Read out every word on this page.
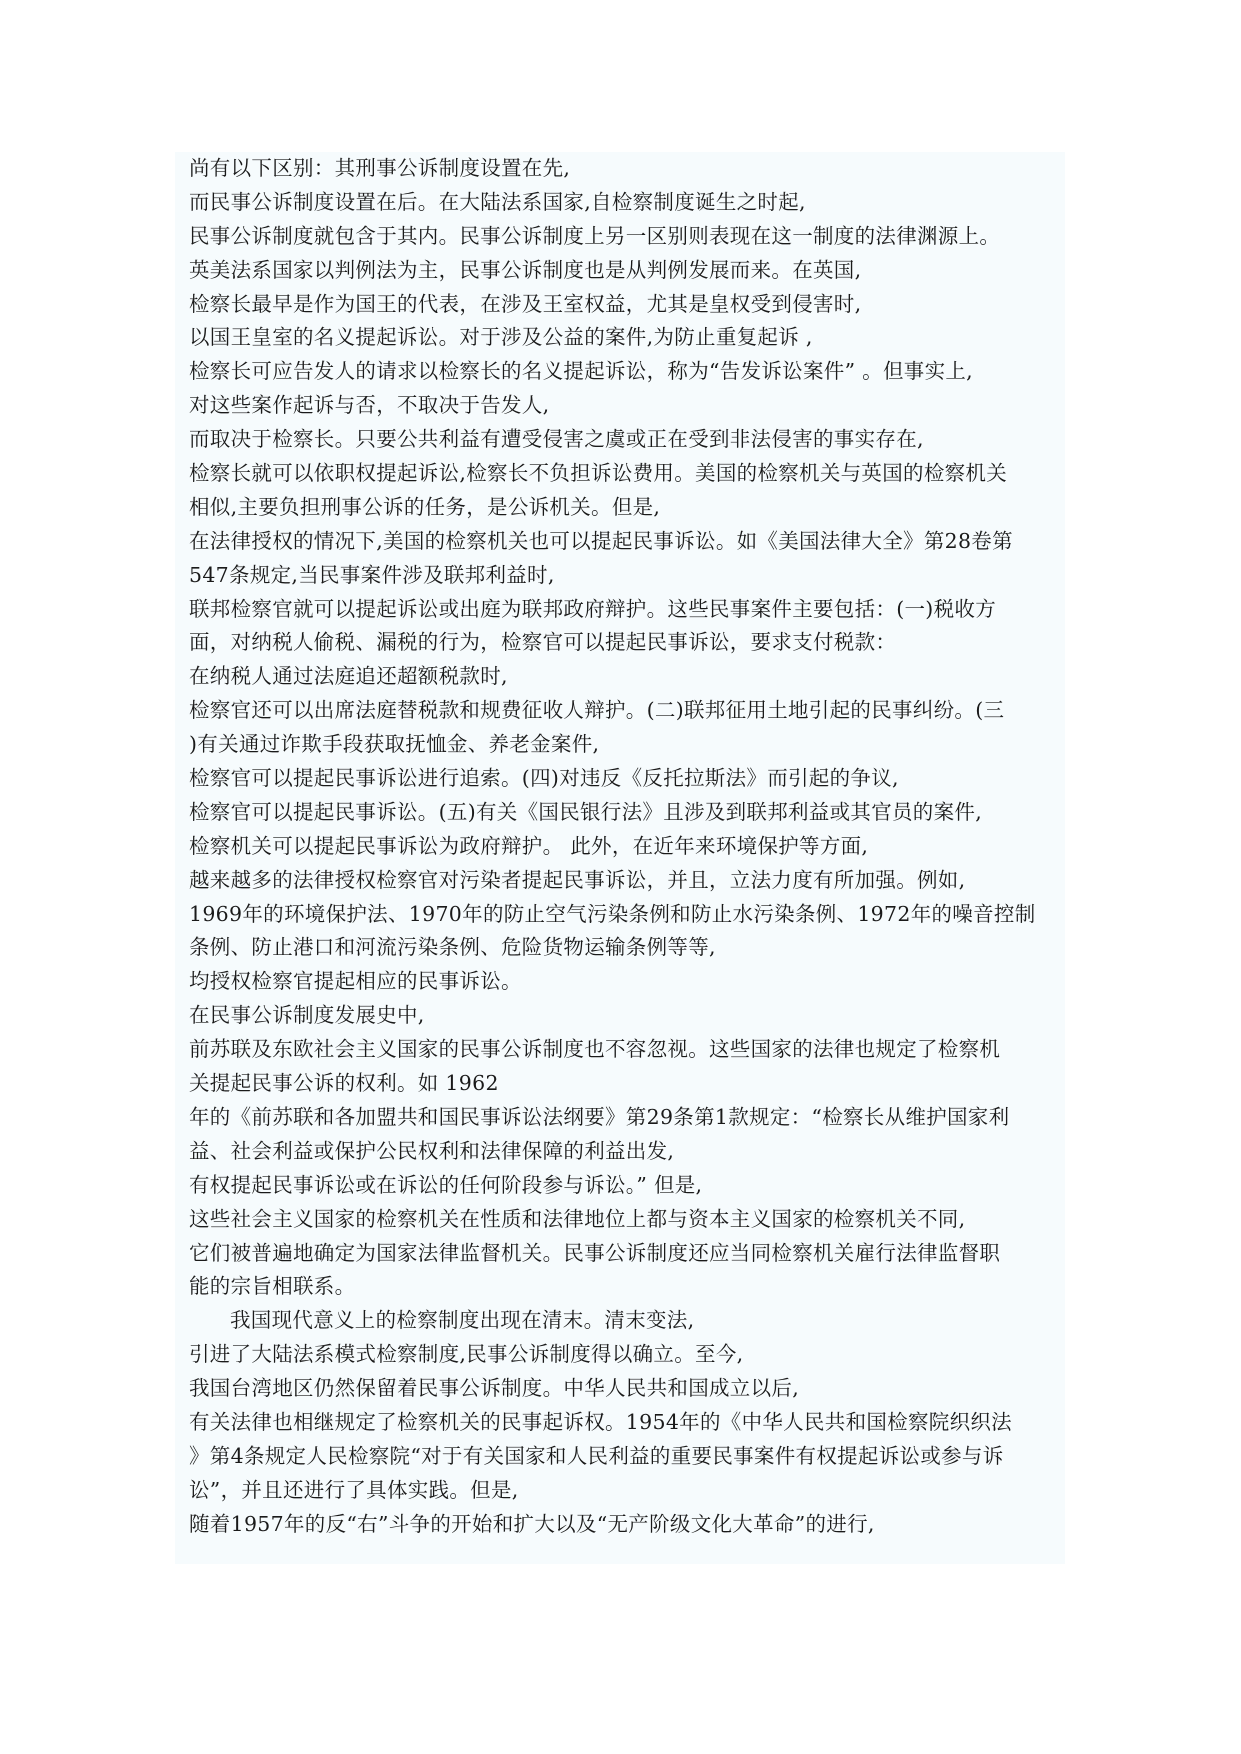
尚有以下区别：其刑事公诉制度设置在先,
而民事公诉制度设置在后。在大陆法系国家,自检察制度诞生之时起,
民事公诉制度就包含于其内。民事公诉制度上另一区别则表现在这一制度的法律渊源上。
英美法系国家以判例法为主，民事公诉制度也是从判例发展而来。在英国,
检察长最早是作为国王的代表，在涉及王室权益，尤其是皇权受到侵害时,
以国王皇室的名义提起诉讼。对于涉及公益的案件,为防止重复起诉 ,
检察长可应告发人的请求以检察长的名义提起诉讼，称为“告发诉讼案件” 。但事实上,
对这些案作起诉与否，不取决于告发人,
而取决于检察长。只要公共利益有遭受侵害之虞或正在受到非法侵害的事实存在,
检察长就可以依职权提起诉讼,检察长不负担诉讼费用。美国的检察机关与英国的检察机关
相似,主要负担刑事公诉的任务，是公诉机关。但是,
在法律授权的情况下,美国的检察机关也可以提起民事诉讼。如《美国法律大全》第28卷第
547条规定,当民事案件涉及联邦利益时,
联邦检察官就可以提起诉讼或出庭为联邦政府辩护。这些民事案件主要包括：(一)税收方
面，对纳税人偷税、漏税的行为，检察官可以提起民事诉讼，要求支付税款：
在纳税人通过法庭追还超额税款时,
检察官还可以出席法庭替税款和规费征收人辩护。(二)联邦征用土地引起的民事纠纷。(三
)有关通过诈欺手段获取抚恤金、养老金案件,
检察官可以提起民事诉讼进行追索。(四)对违反《反托拉斯法》而引起的争议,
检察官可以提起民事诉讼。(五)有关《国民银行法》且涉及到联邦利益或其官员的案件,
检察机关可以提起民事诉讼为政府辩护。 此外，在近年来环境保护等方面,
越来越多的法律授权检察官对污染者提起民事诉讼，并且，立法力度有所加强。例如,
1969年的环境保护法、1970年的防止空气污染条例和防止水污染条例、1972年的噪音控制
条例、防止港口和河流污染条例、危险货物运输条例等等,
均授权检察官提起相应的民事诉讼。
在民事公诉制度发展史中,
前苏联及东欧社会主义国家的民事公诉制度也不容忽视。这些国家的法律也规定了检察机
关提起民事公诉的权利。如 1962
年的《前苏联和各加盟共和国民事诉讼法纲要》第29条第1款规定：“检察长从维护国家利
益、社会利益或保护公民权利和法律保障的利益出发,
有权提起民事诉讼或在诉讼的任何阶段参与诉讼。” 但是,
这些社会主义国家的检察机关在性质和法律地位上都与资本主义国家的检察机关不同,
它们被普遍地确定为国家法律监督机关。民事公诉制度还应当同检察机关雇行法律监督职
能的宗旨相联系。
我国现代意义上的检察制度出现在清末。清末变法,
引进了大陆法系模式检察制度,民事公诉制度得以确立。至今,
我国台湾地区仍然保留着民事公诉制度。中华人民共和国成立以后,
有关法律也相继规定了检察机关的民事起诉权。1954年的《中华人民共和国检察院织织法
》第4条规定人民检察院“对于有关国家和人民利益的重要民事案件有权提起诉讼或参与诉
讼”，并且还进行了具体实践。但是,
随着1957年的反“右”斗争的开始和扩大以及“无产阶级文化大革命”的进行,
